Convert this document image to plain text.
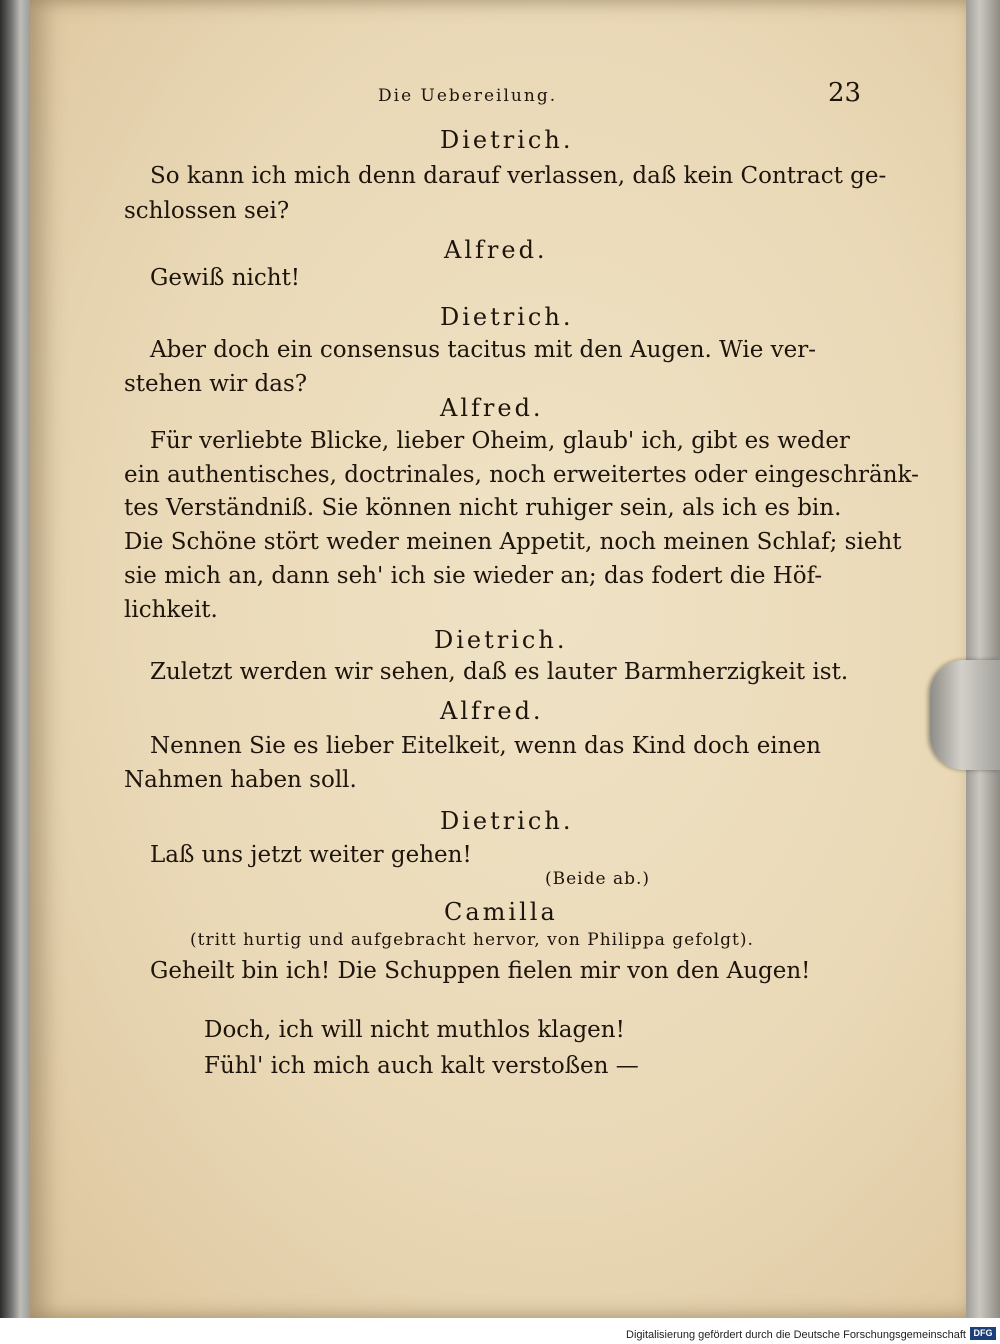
Die Uebereilung.	23
Dietrich.
So kann ich mich denn darauf verlassen, daß kein Contract ge-
schlossen sei?
Alfred.
Gewiß nicht!
Dietrich.
Aber doch ein consensus tacitus mit den Augen. Wie ver-
stehen wir das?
Alfred.
Für verliebte Blicke, lieber Oheim, glaub' ich, gibt es weder
ein authentisches, doctrinales, noch erweitertes oder eingeschränk-
tes Verständniß. Sie können nicht ruhiger sein, als ich es bin.
Die Schöne stört weder meinen Appetit, noch meinen Schlaf; sieht
sie mich an, dann seh' ich sie wieder an; das fodert die Höf-
lichkeit.
Dietrich.
Zuletzt werden wir sehen, daß es lauter Barmherzigkeit ist.
Alfred.
Nennen Sie es lieber Eitelkeit, wenn das Kind doch einen
Nahmen haben soll.
Dietrich.
Laß uns jetzt weiter gehen!
(Beide ab.)
Camilla
(tritt hurtig und aufgebracht hervor, von Philippa gefolgt).
Geheilt bin ich! Die Schuppen fielen mir von den Augen!
Doch, ich will nicht muthlos klagen!
Fühl' ich mich auch kalt verstoßen —
Digitalisierung gefördert durch die Deutsche Forschungsgemeinschaft DFG
